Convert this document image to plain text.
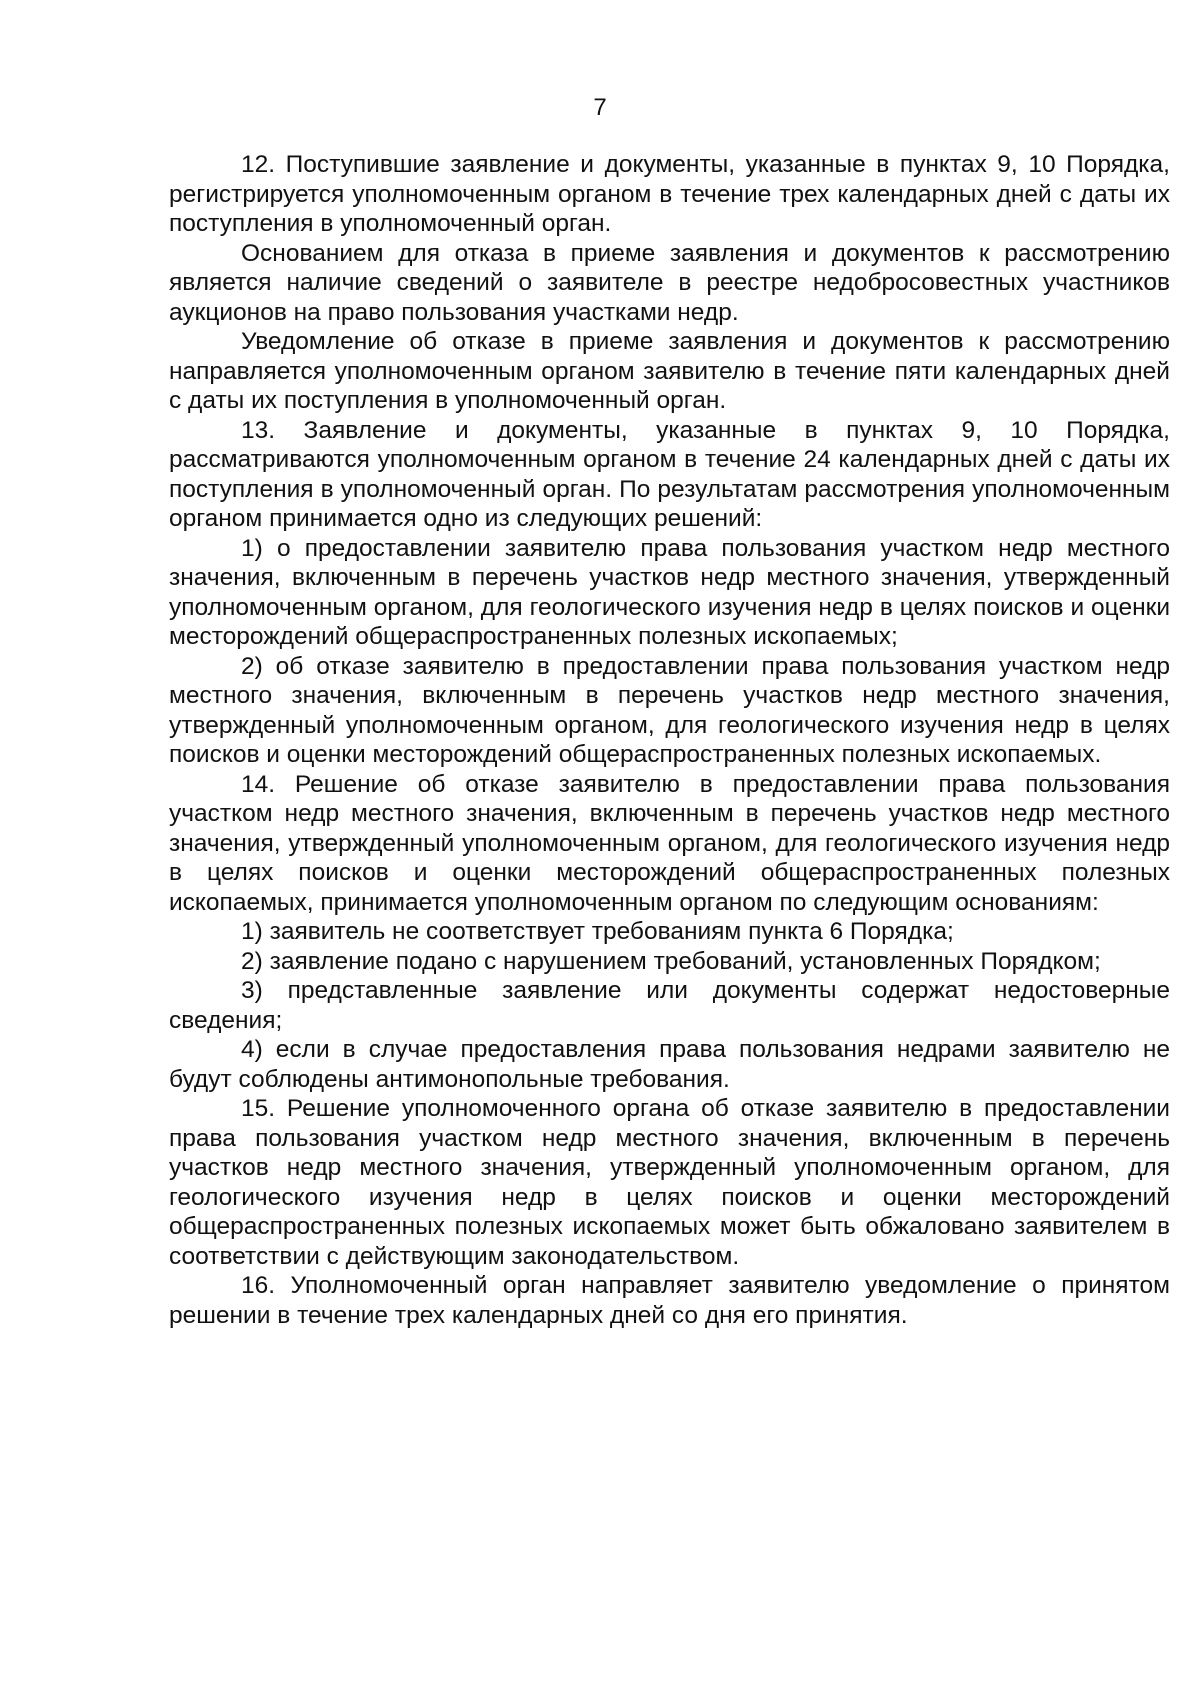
7

12. Поступившие заявление и документы, указанные в пунктах 9, 10 Порядка, регистрируется уполномоченным органом в течение трех календарных дней с даты их поступления в уполномоченный орган.

Основанием для отказа в приеме заявления и документов к рассмотрению является наличие сведений о заявителе в реестре недобросовестных участников аукционов на право пользования участками недр.

Уведомление об отказе в приеме заявления и документов к рассмотрению направляется уполномоченным органом заявителю в течение пяти календарных дней с даты их поступления в уполномоченный орган.

13. Заявление и документы, указанные в пунктах 9, 10 Порядка, рассматриваются уполномоченным органом в течение 24 календарных дней с даты их поступления в уполномоченный орган. По результатам рассмотрения уполномоченным органом принимается одно из следующих решений:

1) о предоставлении заявителю права пользования участком недр местного значения, включенным в перечень участков недр местного значения, утвержденный уполномоченным органом, для геологического изучения недр в целях поисков и оценки месторождений общераспространенных полезных ископаемых;

2) об отказе заявителю в предоставлении права пользования участком недр местного значения, включенным в перечень участков недр местного значения, утвержденный уполномоченным органом, для геологического изучения недр в целях поисков и оценки месторождений общераспространенных полезных ископаемых.

14. Решение об отказе заявителю в предоставлении права пользования участком недр местного значения, включенным в перечень участков недр местного значения, утвержденный уполномоченным органом, для геологического изучения недр в целях поисков и оценки месторождений общераспространенных полезных ископаемых, принимается уполномоченным органом по следующим основаниям:

1) заявитель не соответствует требованиям пункта 6 Порядка;

2) заявление подано с нарушением требований, установленных Порядком;

3) представленные заявление или документы содержат недостоверные сведения;

4) если в случае предоставления права пользования недрами заявителю не будут соблюдены антимонопольные требования.

15. Решение уполномоченного органа об отказе заявителю в предоставлении права пользования участком недр местного значения, включенным в перечень участков недр местного значения, утвержденный уполномоченным органом, для геологического изучения недр в целях поисков и оценки месторождений общераспространенных полезных ископаемых может быть обжаловано заявителем в соответствии с действующим законодательством.

16. Уполномоченный орган направляет заявителю уведомление о принятом решении в течение трех календарных дней со дня его принятия.
